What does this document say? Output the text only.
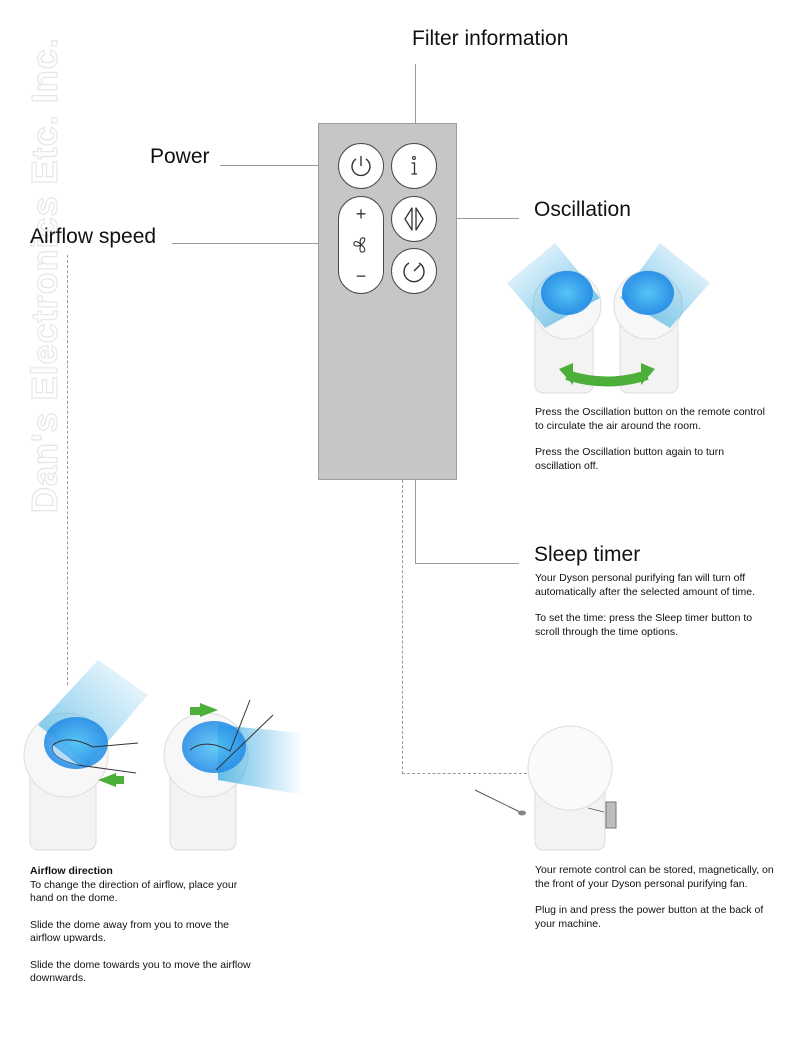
Dan's Electronics Etc. Inc.	Filter information
Power
Airflow speed
Oscillation
Sleep timer
+
−

Press the Oscillation button on the remote control to circulate the air around the room.

Press the Oscillation button again to turn oscillation off.

Your Dyson personal purifying fan will turn off automatically after the selected amount of time.

To set the time: press the Sleep timer button to scroll through the time options.

Airflow direction

To change the direction of airflow, place your hand on the dome.

Slide the dome away from you to move the airflow upwards.

Slide the dome towards you to move the airflow downwards.

Your remote control can be stored, magnetically, on the front of your Dyson personal purifying fan.

Plug in and press the power button at the back of your machine.
